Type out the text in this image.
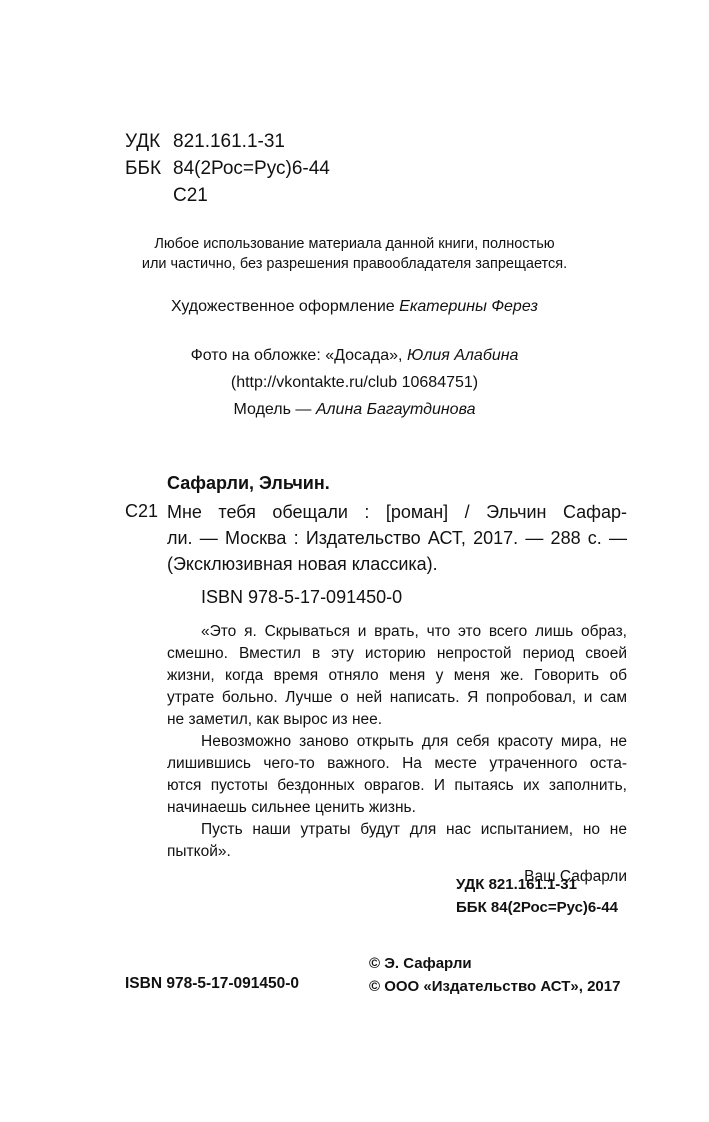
УДК 821.161.1-31
ББК 84(2Рос=Рус)6-44
С21
Любое использование материала данной книги, полностью
или частично, без разрешения правообладателя запрещается.
Художественное оформление Екатерины Ферез
Фото на обложке: «Досада», Юлия Алабина
(http://vkontakte.ru/club 10684751)
Модель — Алина Багаутдинова
Сафарли, Эльчин.
С21 Мне тебя обещали : [роман] / Эльчин Сафар-
ли. — Москва : Издательство АСТ, 2017. — 288 с. —
(Эксклюзивная новая классика).
ISBN 978-5-17-091450-0
«Это я. Скрываться и врать, что это всего лишь образ,
смешно. Вместил в эту историю непростой период своей
жизни, когда время отняло меня у меня же. Говорить об
утрате больно. Лучше о ней написать. Я попробовал, и сам
не заметил, как вырос из нее.
Невозможно заново открыть для себя красоту мира, не
лишившись чего-то важного. На месте утраченного оста-
ются пустоты бездонных оврагов. И пытаясь их заполнить,
начинаешь сильнее ценить жизнь.
Пусть наши утраты будут для нас испытанием, но не
пыткой».
Ваш Сафарли
УДК 821.161.1-31
ББК 84(2Рос=Рус)6-44
© Э. Сафарли
© ООО «Издательство АСТ», 2017
ISBN 978-5-17-091450-0
